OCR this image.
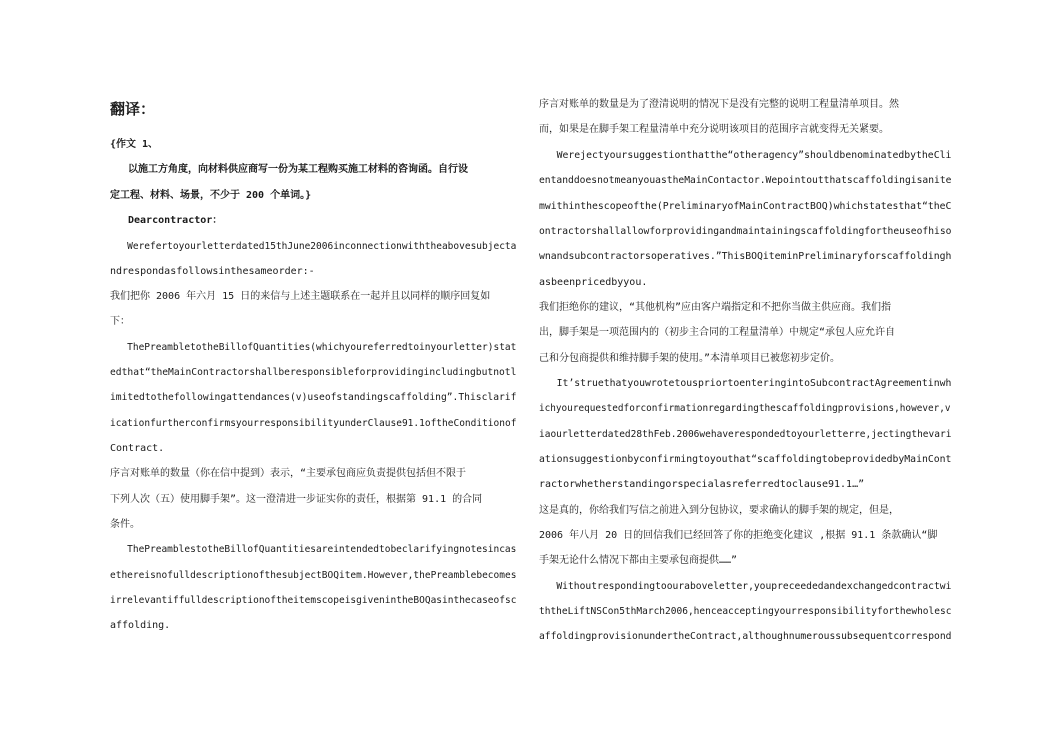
翻译：
{作文 1、
以施工方角度，向材料供应商写一份为某工程购买施工材料的咨询函。自行设
定工程、材料、场景，不少于 200 个单词。}
Dearcontractor：
Werefertoyourletterdated15thJune2006inconnectionwiththeabovesubjecta
ndrespondasfollowsinthesameorder:-
我们把你 2006 年六月 15 日的来信与上述主题联系在一起并且以同样的顺序回复如
下：
ThePreambletotheBillofQuantities(whichyoureferredtoinyourletter)stat
edthat“theMainContractorshallberesponsibleforprovidingincludingbutnotl
imitedtothefollowingattendances(v)useofstandingscaffolding”.Thisclarif
icationfurtherconfirmsyourresponsibilityunderClause91.1oftheConditionof
Contract.
序言对账单的数量（你在信中提到）表示，“主要承包商应负责提供包括但不限于
下列人次（五）使用脚手架”。这一澄清进一步证实你的责任，根据第 91.1 的合同
条件。
ThePreamblestotheBillofQuantitiesareintendedtobeclarifyingnotesincas
ethereisnofulldescriptionofthesubjectBOQitem.However,thePreamblebecomes
irrelevantiffulldescriptionoftheitemscopeisgivenintheBOQasinthecaseofsc
affolding.
序言对账单的数量是为了澄清说明的情况下是没有完整的说明工程量清单项目。然
而，如果是在脚手架工程量清单中充分说明该项目的范围序言就变得无关紧要。
Werejectyoursuggestionthatthe“otheragency”shouldbenominatedbytheCli
entanddoesnotmeanyouastheMainContactor.Wepointoutthatscaffoldingisanite
mwithinthescopeofthe(PreliminaryofMainContractBOQ)whichstatesthat“theC
ontractorshallallowforprovidingandmaintainingscaffoldingfortheuseofhiso
wnandsubcontractorsoperatives.”ThisBOQiteminPreliminaryforscaffoldingh
asbeenpricedbyyou.
我们拒绝你的建议，“其他机构”应由客户端指定和不把你当做主供应商。我们指
出，脚手架是一项范围内的（初步主合同的工程量清单）中规定“承包人应允许自
己和分包商提供和维持脚手架的使用。”本清单项目已被您初步定价。
It’struethatyouwrotetouspriortoenteringintoSubcontractAgreementinwh
ichyourequestedforconfirmationregardingthescaffoldingprovisions,however,v
iaourletterdated28thFeb.2006wehaverespondedtoyourletterre,jectingthevari
ationsuggestionbyconfirmingtoyouthat“scaffoldingtobeprovidedbyMainCont
ractorwhetherstandingorspecialasreferredtoclause91.1…”
这是真的，你给我们写信之前进入到分包协议，要求确认的脚手架的规定，但是，
2006 年八月 20 日的回信我们已经回答了你的拒绝变化建议 ,根据 91.1 条款确认“脚
手架无论什么情况下都由主要承包商提供……”
Withoutrespondingtoouraboveletter,youpreceededandexchangedcontractwi
ththeLiftNSCon5thMarch2006,henceacceptingyourresponsibilityforthewholesc
affoldingprovisionundertheContract,althoughnumeroussubsequentcorrespond
